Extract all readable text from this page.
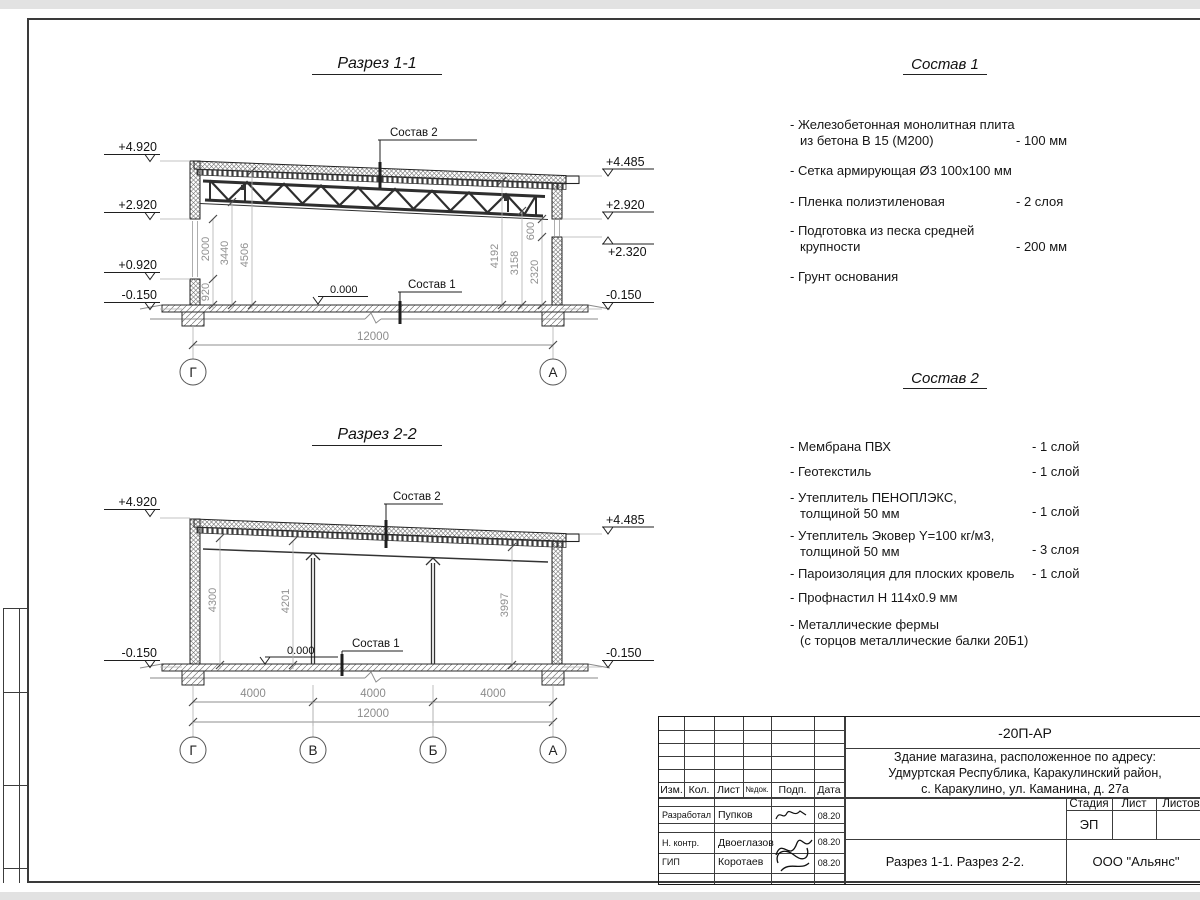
Разрез 1-1
Разрез 2-2
Состав 1
Состав 2
- Железобетонная монолитная плита
из бетона В 15 (М200)	- 100 мм
- Сетка армирующая Ø3 100х100 мм
- Пленка полиэтиленовая	- 2 слоя
- Подготовка из песка средней
крупности	- 200 мм
- Грунт основания
- Мембрана ПВХ	- 1 слой
- Геотекстиль	- 1 слой
- Утеплитель ПЕНОПЛЭКС,
толщиной 50 мм	- 1 слой
- Утеплитель Эковер Y=100 кг/м3,
толщиной 50 мм	- 3 слоя
- Пароизоляция для плоских кровель - 1 слой
- Профнастил Н 114х0.9 мм
- Металлические фермы
(с торцов металлические балки 20Б1)
Состав 2
Состав 1
0.000
+4.920
+2.920
+0.920
-0.150
+4.485
+2.920
+2.320
-0.150
920
2000 3440 4506	4192 3158 2320
600
12000
Г	А
Состав 2
Состав 1
0.000
+4.920
-0.150
+4.485
-0.150
4300	4201	3997
4000	4000	4000
12000
Г	В	Б	А
Изм. Кол. Лист №док. Подп.	Дата
Разработал Пупков	08.20
Н. контр. Двоеглазов	08.20
ГИП	Коротаев	08.20
-20П-АР
Здание магазина, расположенное по адресу:
Удмуртская Республика, Каракулинский район,
с. Каракулино, ул. Каманина, д. 27а
Стадия	Лист	Листов
ЭП
Разрез 1-1. Разрез 2-2.	ООО "Альянс"
